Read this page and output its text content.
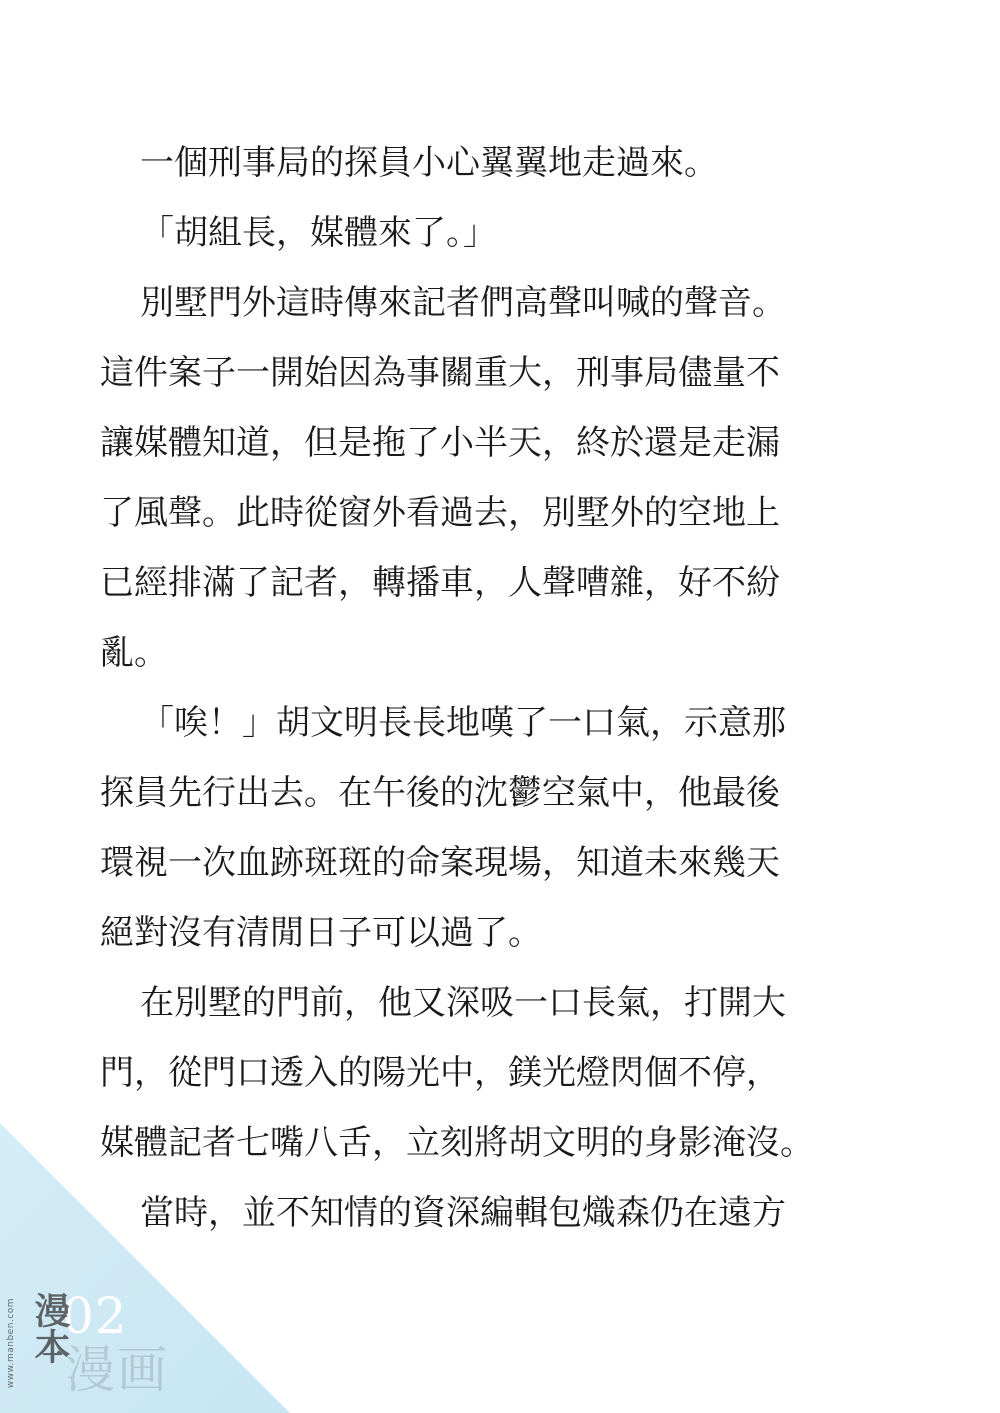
一個刑事局的探員小心翼翼地走過來。
「胡組長，媒體來了。」
別墅門外這時傳來記者們高聲叫喊的聲音。
這件案子一開始因為事關重大，刑事局儘量不
讓媒體知道，但是拖了小半天，終於還是走漏
了風聲。此時從窗外看過去，別墅外的空地上
已經排滿了記者，轉播車，人聲嘈雜，好不紛
亂。
「唉！」胡文明長長地嘆了一口氣，示意那
探員先行出去。在午後的沈鬱空氣中，他最後
環視一次血跡斑斑的命案現場，知道未來幾天
絕對沒有清閒日子可以過了。
在別墅的門前，他又深吸一口長氣，打開大
門，從門口透入的陽光中，鎂光燈閃個不停，
媒體記者七嘴八舌，立刻將胡文明的身影淹沒。
當時，並不知情的資深編輯包熾森仍在遠方
02
www.manben.com 漫本
漫画
